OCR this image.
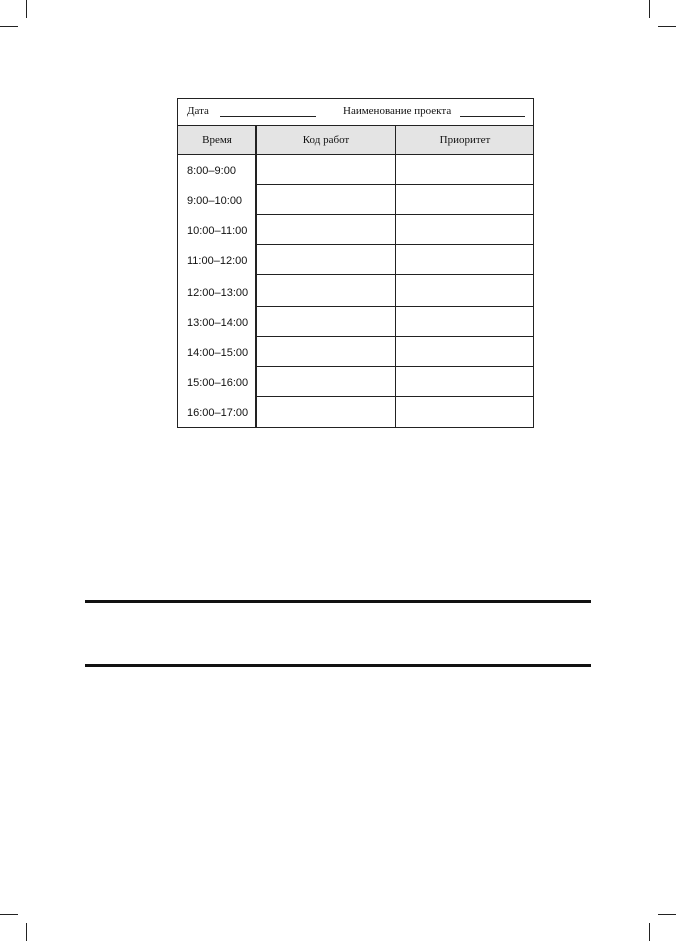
Дата	Наименование проекта
Время	Код работ	Приоритет
8:00–9:00
9:00–10:00
10:00–11:00
11:00–12:00
12:00–13:00
13:00–14:00
14:00–15:00
15:00–16:00
16:00–17:00
